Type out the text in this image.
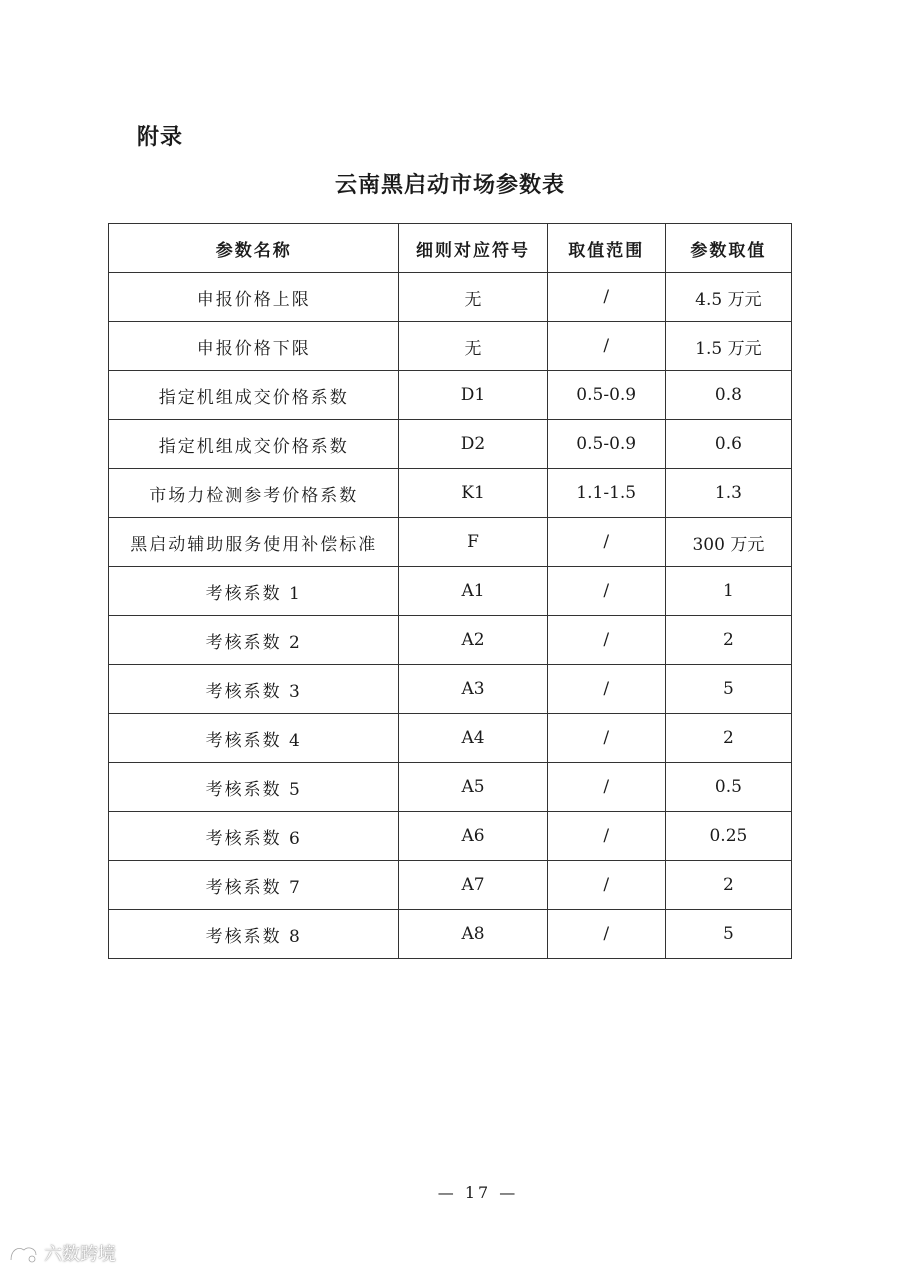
附录
云南黑启动市场参数表
参数名称	细则对应符号	取值范围	参数取值
申报价格上限	无	/	4.5 万元
申报价格下限	无	/	1.5 万元
指定机组成交价格系数	D1	0.5-0.9	0.8
指定机组成交价格系数	D2	0.5-0.9	0.6
市场力检测参考价格系数	K1	1.1-1.5	1.3
黑启动辅助服务使用补偿标准	F	/	300 万元
考核系数 1	A1	/	1
考核系数 2	A2	/	2
考核系数 3	A3	/	5
考核系数 4	A4	/	2
考核系数 5	A5	/	0.5
考核系数 6	A6	/	0.25
考核系数 7	A7	/	2
考核系数 8	A8	/	5
— 17 —
六数跨境
